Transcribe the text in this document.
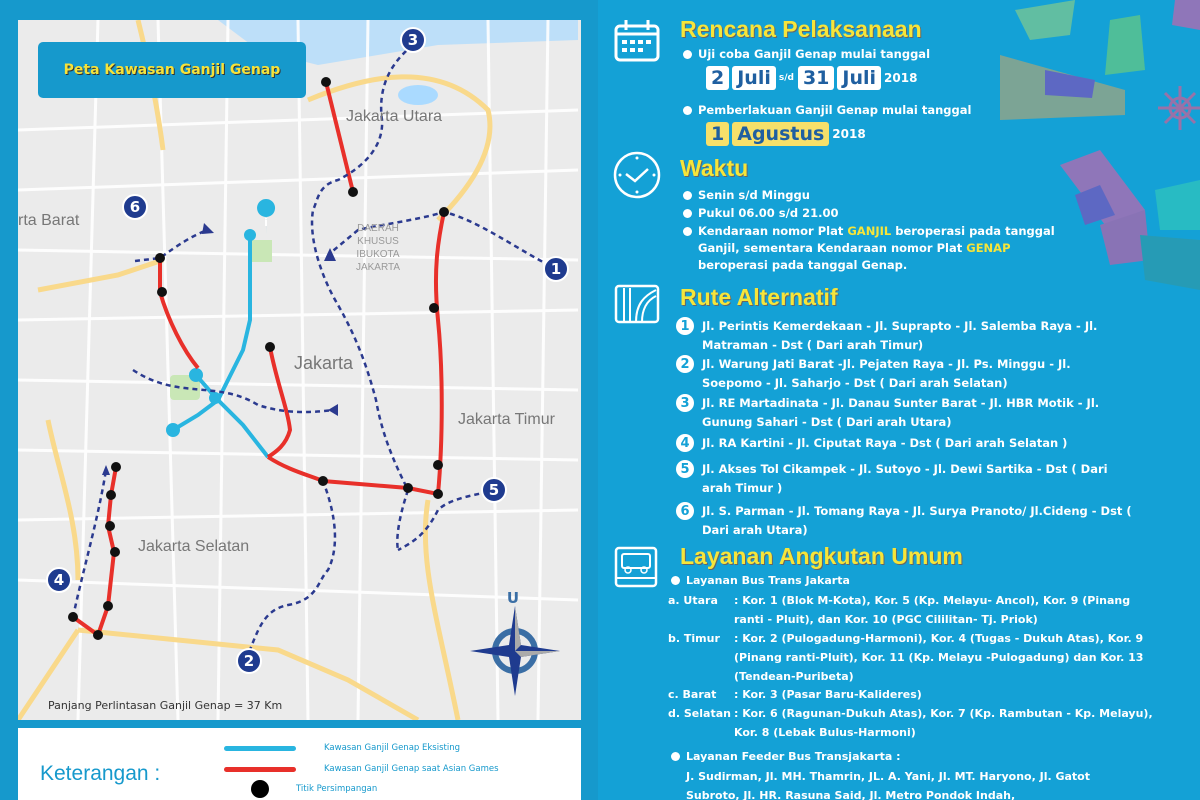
i
U
Peta Kawasan Ganjil Genap
Jakarta Utara
rta Barat
Jakarta
Jakarta Timur
Jakarta Selatan
DAERAH KHUSUS IBUKOTA JAKARTA
3
6
1
5
4
2
Panjang Perlintasan Ganjil Genap = 37 Km
Keterangan :
Kawasan Ganjil Genap Eksisting
Kawasan Ganjil Genap saat Asian Games
Titik Persimpangan
Rencana Pelaksanaan
Uji coba Ganjil Genap mulai tanggal
2 Juli s/d 31 Juli 2018
Pemberlakuan Ganjil Genap mulai tanggal
1 Agustus 2018
Waktu
Senin s/d Minggu
Pukul 06.00 s/d 21.00
Kendaraan nomor Plat GANJIL beroperasi pada tanggal Ganjil, sementara Kendaraan nomor Plat GENAP beroperasi pada tanggal Genap.
Rute Alternatif
1	Jl. Perintis Kemerdekaan - Jl. Suprapto - Jl. Salemba Raya - Jl. Matraman - Dst ( Dari arah Timur)
2	Jl. Warung Jati Barat -Jl. Pejaten Raya - Jl. Ps. Minggu - Jl. Soepomo - Jl. Saharjo - Dst ( Dari arah Selatan)
3	Jl. RE Martadinata - Jl. Danau Sunter Barat - Jl. HBR Motik - Jl. Gunung Sahari - Dst ( Dari arah Utara)
4	Jl. RA Kartini - Jl. Ciputat Raya - Dst ( Dari arah Selatan )
5	Jl. Akses Tol Cikampek - Jl. Sutoyo - Jl. Dewi Sartika - Dst ( Dari arah Timur )
6	Jl. S. Parman - Jl. Tomang Raya - Jl. Surya Pranoto/ Jl.Cideng - Dst ( Dari arah Utara)
Layanan Angkutan Umum
Layanan Bus Trans Jakarta
a. Utara	: Kor. 1 (Blok M-Kota), Kor. 5 (Kp. Melayu- Ancol), Kor. 9 (Pinang ranti - Pluit), dan Kor. 10 (PGC Cililitan- Tj. Priok)
b. Timur	: Kor. 2 (Pulogadung-Harmoni), Kor. 4 (Tugas - Dukuh Atas), Kor. 9 (Pinang ranti-Pluit), Kor. 11 (Kp. Melayu -Pulogadung) dan Kor. 13 (Tendean-Puribeta)
c. Barat	: Kor. 3 (Pasar Baru-Kalideres)
d. Selatan : Kor. 6 (Ragunan-Dukuh Atas), Kor. 7 (Kp. Rambutan - Kp. Melayu), Kor. 8 (Lebak Bulus-Harmoni)
Layanan Feeder Bus Transjakarta :
J. Sudirman, Jl. MH. Thamrin, JL. A. Yani, Jl. MT. Haryono, Jl. Gatot Subroto, Jl. HR. Rasuna Said, Jl. Metro Pondok Indah,
